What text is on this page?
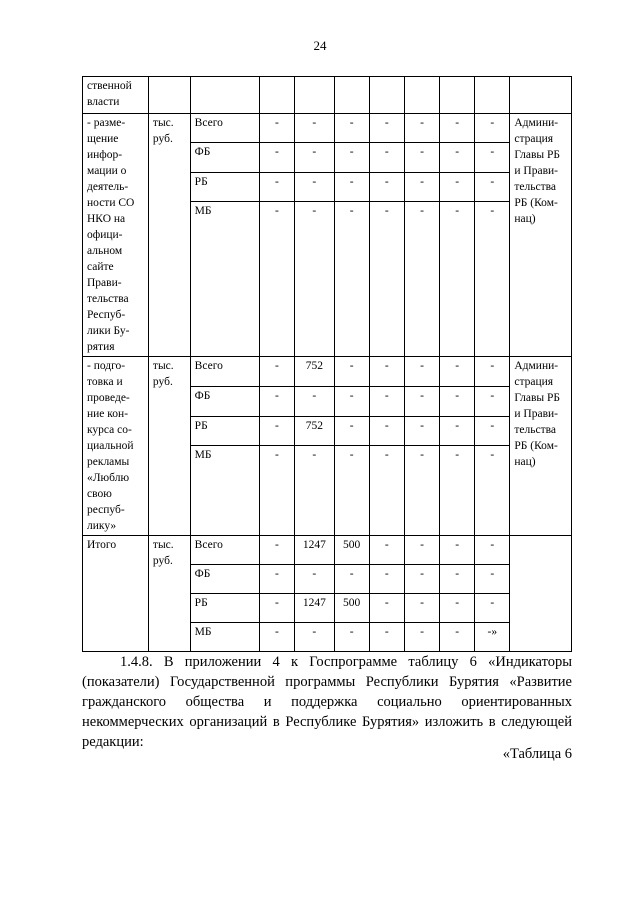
24
ственной власти										
- разме-щение инфор-мации о деятель-ности СО НКО на офици-альном сайте Прави-тельства Респуб-лики Бу-рятия	тыс. руб.	Всего	-	-	-	-	-	-	-	Админи-страция Главы РБ и Прави-тельства РБ (Ком-нац)
		ФБ	-	-	-	-	-	-	-	
		РБ	-	-	-	-	-	-	-	
		МБ	-	-	-	-	-	-	-	
- подго-товка и проведе-ние кон-курса со-циальной рекламы «Люблю свою респуб-лику»	тыс. руб.	Всего	-	752	-	-	-	-	-	Админи-страция Главы РБ и Прави-тельства РБ (Ком-нац)
		ФБ	-	-	-	-	-	-	-	
		РБ	-	752	-	-	-	-	-	
		МБ	-	-	-	-	-	-	-	
Итого	тыс. руб.	Всего	-	1247	500	-	-	-	-	
		ФБ	-	-	-	-	-	-	-	
		РБ	-	1247	500	-	-	-	-	
		МБ	-	-	-	-	-	-	-»	
1.4.8. В приложении 4 к Госпрограмме таблицу 6 «Индикаторы (показатели) Государственной программы Республики Бурятия «Развитие гражданского общества и поддержка социально ориентированных некоммерческих организаций в Республике Бурятия» изложить в следующей редакции:
«Таблица 6
